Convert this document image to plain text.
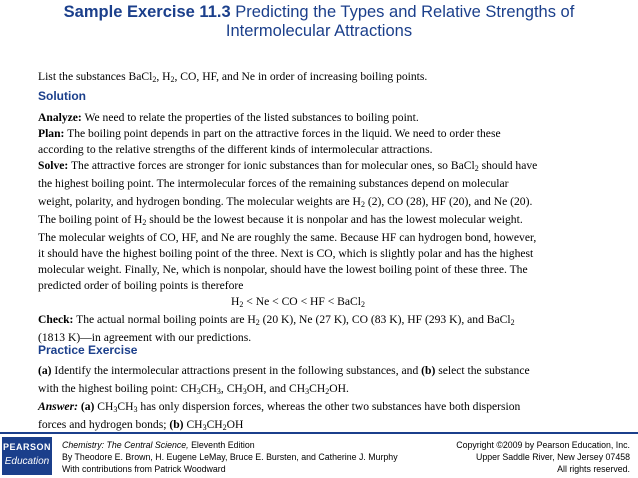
Sample Exercise 11.3 Predicting the Types and Relative Strengths of
Intermolecular Attractions
List the substances BaCl$_2$, $H_2$, CO, HF, and Ne in order of increasing boiling points.
Solution
Analyze: We need to relate the properties of the listed substances to boiling point.
Plan: The boiling point depends in part on the attractive forces in the liquid. We need to order these
according to the relative strengths of the different kinds of intermolecular attractions.
Solve: The attractive forces are stronger for ionic substances than for molecular ones, so BaCl$_2$ should have
the highest boiling point. The intermolecular forces of the remaining substances depend on molecular
weight, polarity, and hydrogen bonding. The molecular weights are $H_2$ (2), CO (28), HF (20), and Ne (20).
The boiling point of $H_2$ should be the lowest because it is nonpolar and has the lowest molecular weight.
The molecular weights of CO, HF, and Ne are roughly the same. Because HF can hydrogen bond, however,
it should have the highest boiling point of the three. Next is CO, which is slightly polar and has the highest
molecular weight. Finally, Ne, which is nonpolar, should have the lowest boiling point of these three. The
predicted order of boiling points is therefore
$H_2 < Ne$ < CO < HF < BaCl$_2$
Check: The actual normal boiling points are $H_2$ (20 K), Ne (27 K), CO (83 K), HF (293 K), and BaCl$_2$
(1813 K)—in agreement with our predictions.
Practice Exercise
(a) Identify the intermolecular attractions present in the following substances, and (b) select the substance
with the highest boiling point: $CH_3CH_3$, $CH_3OH$, and $CH_3CH_2OH$.
Answer: (a) $CH_3CH_3$ has only dispersion forces, whereas the other two substances have both dispersion
forces and hydrogen bonds; (b) $CH_3CH_2OH$
PEARSON
Education
Chemistry: The Central Science, Eleventh Edition
By Theodore E. Brown, H. Eugene LeMay, Bruce E. Bursten, and Catherine J. Murphy
With contributions from Patrick Woodward
Copyright ©2009 by Pearson Education, Inc.
Upper Saddle River, New Jersey 07458
All rights reserved.
